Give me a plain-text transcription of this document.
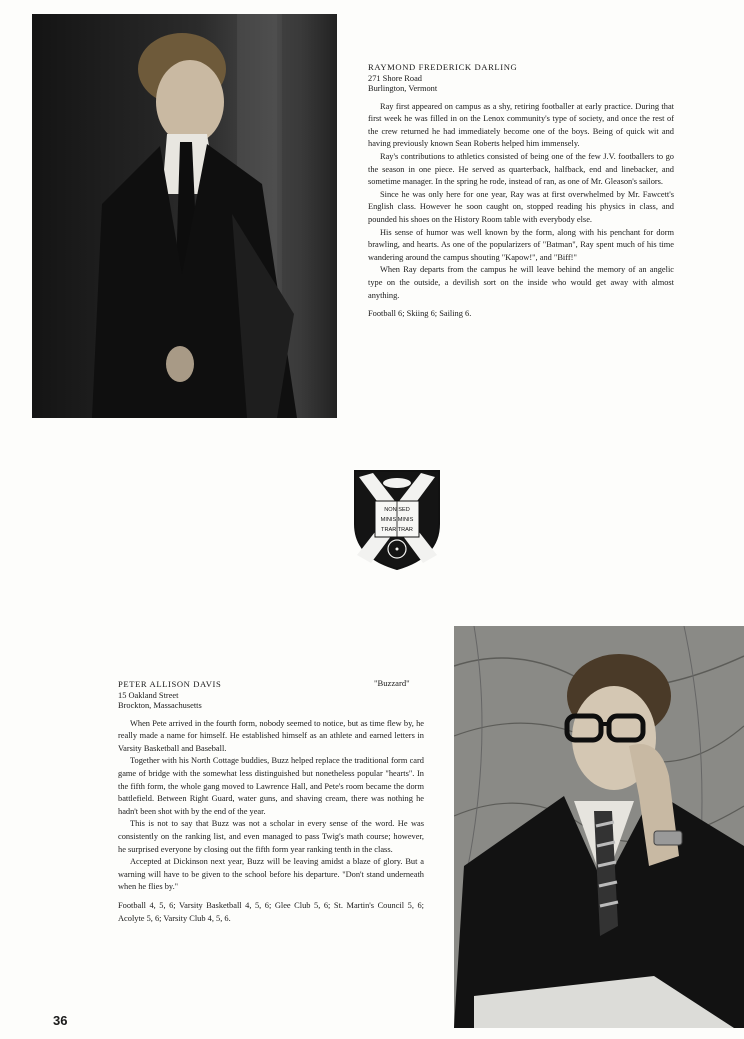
RAYMOND FREDERICK DARLING
271 Shore Road
Burlington, Vermont

Ray first appeared on campus as a shy, retiring footballer at early practice. During that first week he was filled in on the Lenox community's type of society, and once the rest of the crew returned he had immediately become one of the boys. Being of quick wit and having previously known Sean Roberts helped him immensely.

Ray's contributions to athletics consisted of being one of the few J.V. footballers to go the season in one piece. He served as quarterback, halfback, end and linebacker, and sometime manager. In the spring he rode, instead of ran, as one of Mr. Gleason's sailors.

Since he was only here for one year, Ray was at first overwhelmed by Mr. Fawcett's English class. However he soon caught on, stopped reading his physics in class, and pounded his shoes on the History Room table with everybody else.

His sense of humor was well known by the form, along with his penchant for dorm brawling, and hearts. As one of the popularizers of "Batman", Ray spent much of his time wandering around the campus shouting "Kapow!", and "Biff!"

When Ray departs from the campus he will leave behind the memory of an angelic type on the outside, a devilish sort on the inside who would get away with almost anything.

Football 6; Skiing 6; Sailing 6.
NON SED
MINIS MINIS
TRAR TRAR
"Buzzard"
PETER ALLISON DAVIS
15 Oakland Street
Brockton, Massachusetts

When Pete arrived in the fourth form, nobody seemed to notice, but as time flew by, he really made a name for himself. He established himself as an athlete and earned letters in Varsity Basketball and Baseball.

Together with his North Cottage buddies, Buzz helped replace the traditional form card game of bridge with the somewhat less distinguished but nonetheless popular "hearts". In the fifth form, the whole gang moved to Lawrence Hall, and Pete's room became the dorm battlefield. Between Right Guard, water guns, and shaving cream, there was nothing he hadn't been shot with by the end of the year.

This is not to say that Buzz was not a scholar in every sense of the word. He was consistently on the ranking list, and even managed to pass Twig's math course; however, he surprised everyone by closing out the fifth form year ranking tenth in the class.

Accepted at Dickinson next year, Buzz will be leaving amidst a blaze of glory. But a warning will have to be given to the school before his departure. "Don't stand underneath when he flies by."

Football 4, 5, 6; Varsity Basketball 4, 5, 6; Glee Club 5, 6; St. Martin's Council 5, 6; Acolyte 5, 6; Varsity Club 4, 5, 6.
36
